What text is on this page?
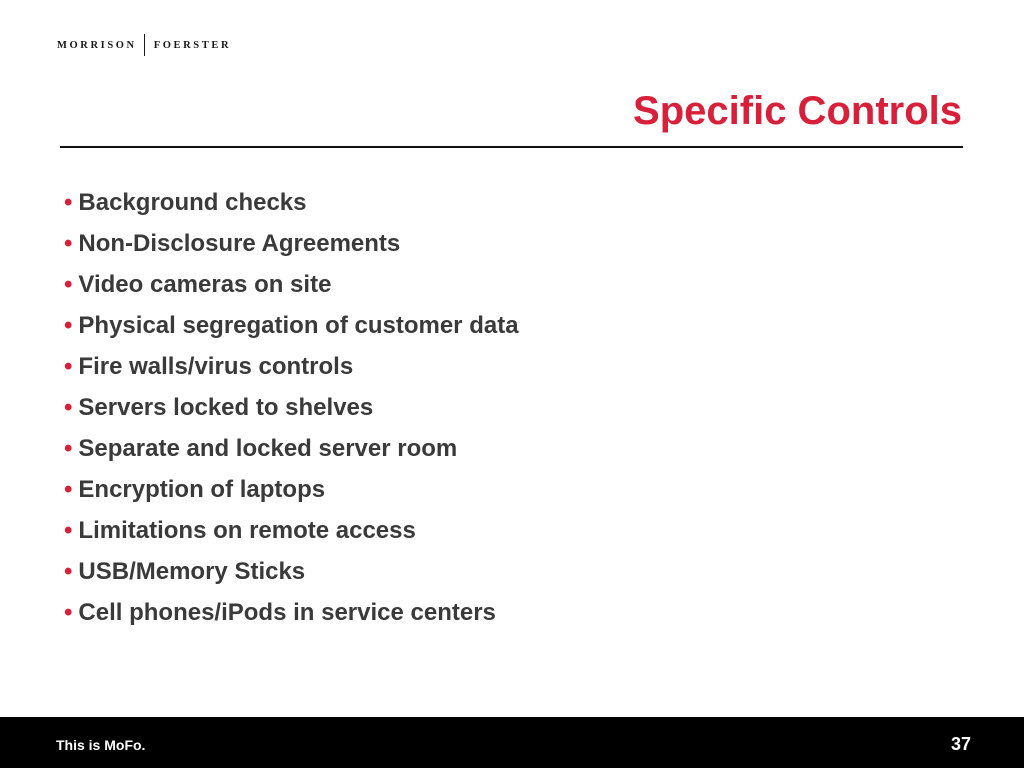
MORRISON FOERSTER
Specific Controls
• Background checks
• Non-Disclosure Agreements
• Video cameras on site
• Physical segregation of customer data
• Fire walls/virus controls
• Servers locked to shelves
• Separate and locked server room
• Encryption of laptops
• Limitations on remote access
• USB/Memory Sticks
• Cell phones/iPods in service centers
This is MoFo.	37
